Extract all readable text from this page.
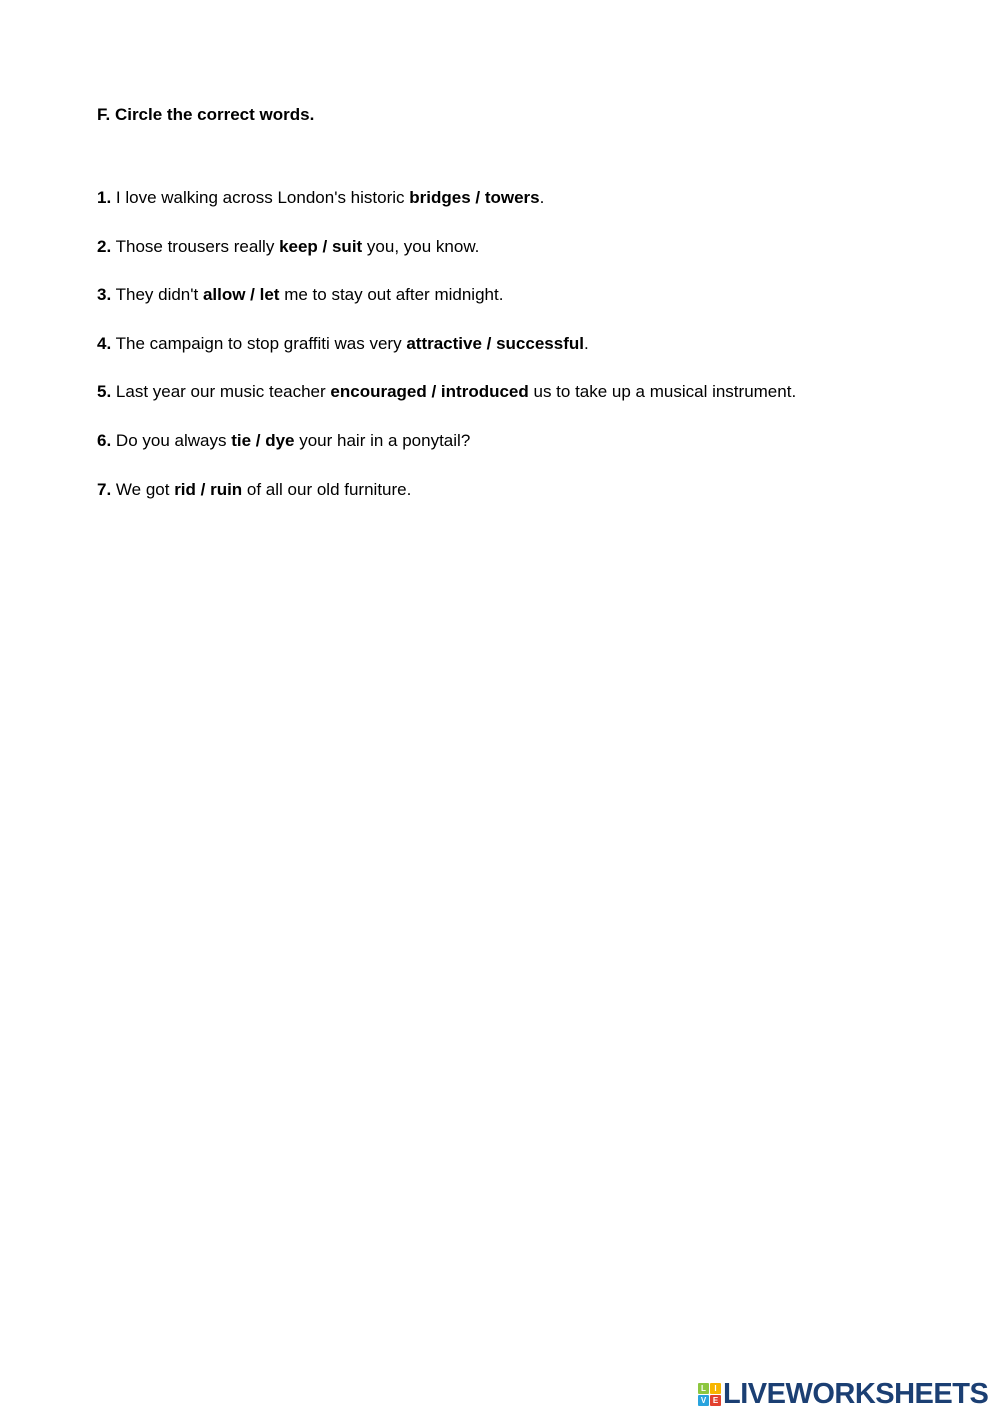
F. Circle the correct words.
1. I love walking across London's historic bridges / towers.
2. Those trousers really keep / suit you, you know.
3. They didn't allow / let me to stay out after midnight.
4. The campaign to stop graffiti was very attractive / successful.
5. Last year our music teacher encouraged / introduced us to take up a musical instrument.
6. Do you always tie / dye your hair in a ponytail?
7. We got rid / ruin of all our old furniture.
L	I
V E LIVEWORKSHEETS
